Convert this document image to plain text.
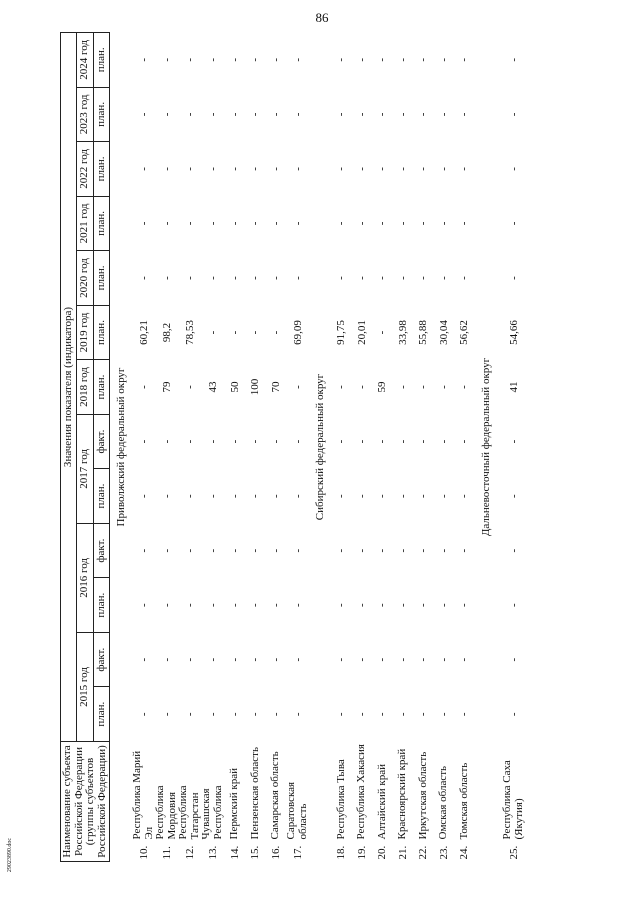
86
Наименование субъекта Российской Федерации (группы субъектов Российской Федерации)		Значения показателя (индикатора)												
		2015 год		2016 год		2017 год		2018 год	2019 год	2020 год	2021 год	2022 год	2023 год	2024 год
		план.	факт.	план.	факт.	план.	факт.	план.	план.	план.	план.	план.	план.	план.
Приволжский федеральный округ														
10.	Республика Марий Эл	-	-	-	-	-	-	-	60,21	-	-	-	-	-
11.	Республика Мордовия	-	-	-	-	-	-	79	98,2	-	-	-	-	-
12.	Республика Татарстан	-	-	-	-	-	-	-	78,53	-	-	-	-	-
13.	Чувашская Республика	-	-	-	-	-	-	43	-	-	-	-	-	-
14.	Пермский край	-	-	-	-	-	-	50	-	-	-	-	-	-
15.	Пензенская область	-	-	-	-	-	-	100	-	-	-	-	-	-
16.	Самарская область	-	-	-	-	-	-	70	-	-	-	-	-	-
17.	Саратовская область	-	-	-	-	-	-	-	69,09	-	-	-	-	-
Сибирский федеральный округ														
18.	Республика Тыва	-	-	-	-	-	-	-	91,75	-	-	-	-	-
19.	Республика Хакасия	-	-	-	-	-	-	-	20,01	-	-	-	-	-
20.	Алтайский край	-	-	-	-	-	-	59	-	-	-	-	-	-
21.	Красноярский край	-	-	-	-	-	-	-	33,98	-	-	-	-	-
22.	Иркутская область	-	-	-	-	-	-	-	55,88	-	-	-	-	-
23.	Омская область	-	-	-	-	-	-	-	30,04	-	-	-	-	-
24.	Томская область	-	-	-	-	-	-	-	56,62	-	-	-	-	-
Дальневосточный федеральный округ														
25.	Республика Саха (Якутия)	-	-	-	-	-	-	41	54,66	-	-	-	-	-
29023890.doc
